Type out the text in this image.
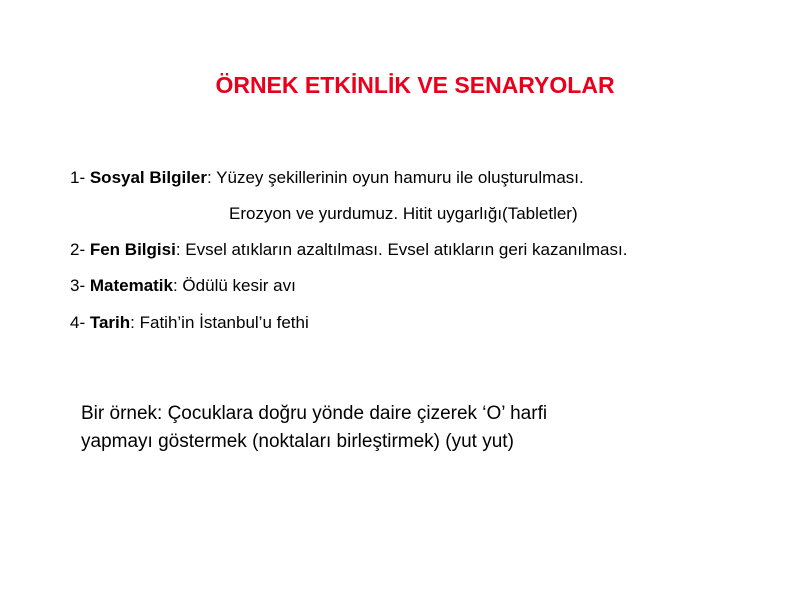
ÖRNEK ETKİNLİK VE SENARYOLAR
1- Sosyal Bilgiler: Yüzey şekillerinin oyun hamuru ile oluşturulması.
Erozyon ve yurdumuz. Hitit uygarlığı(Tabletler)
2- Fen Bilgisi: Evsel atıkların azaltılması. Evsel atıkların geri kazanılması.
3- Matematik: Ödülü kesir avı
4- Tarih: Fatih’in İstanbul’u fethi
Bir örnek: Çocuklara doğru yönde daire çizerek ‘O’ harfi
yapmayı göstermek (noktaları birleştirmek) (yut yut)
